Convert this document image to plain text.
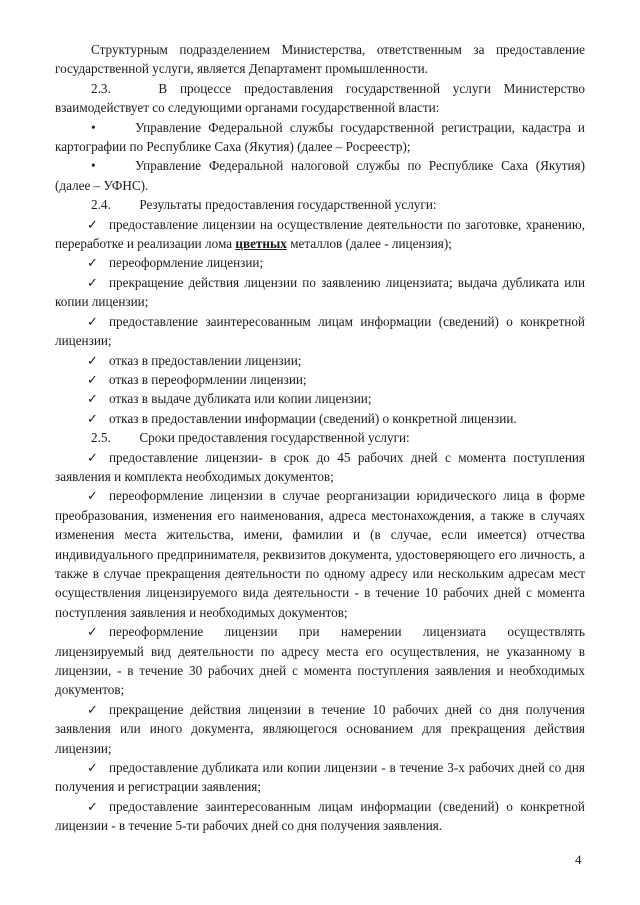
Структурным подразделением Министерства, ответственным за предоставление государственной услуги, является Департамент промышленности.

2.3.	В процессе предоставления государственной услуги Министерство взаимодействует со следующими органами государственной власти:

•	Управление Федеральной службы государственной регистрации, кадастра и картографии по Республике Саха (Якутия) (далее – Росреестр);

•	Управление Федеральной налоговой службы по Республике Саха (Якутия) (далее – УФНС).

2.4. Результаты предоставления государственной услуги:

✓ предоставление лицензии на осуществление деятельности по заготовке, хранению, переработке и реализации лома цветных металлов (далее - лицензия);

✓ переоформление лицензии;

✓ прекращение действия лицензии по заявлению лицензиата; выдача дубликата или копии лицензии;

✓ предоставление заинтересованным лицам информации (сведений) о конкретной лицензии;

✓ отказ в предоставлении лицензии;

✓ отказ в переоформлении лицензии;

✓ отказ в выдаче дубликата или копии лицензии;

✓ отказ в предоставлении информации (сведений) о конкретной лицензии.

2.5. Сроки предоставления государственной услуги:

✓ предоставление лицензии- в срок до 45 рабочих дней с момента поступления заявления и комплекта необходимых документов;

✓ переоформление лицензии в случае реорганизации юридического лица в форме преобразования, изменения его наименования, адреса местонахождения, а также в случаях изменения места жительства, имени, фамилии и (в случае, если имеется) отчества индивидуального предпринимателя, реквизитов документа, удостоверяющего его личность, а также в случае прекращения деятельности по одному адресу или нескольким адресам мест осуществления лицензируемого вида деятельности - в течение 10 рабочих дней с момента поступления заявления и необходимых документов;

✓ переоформление лицензии при намерении лицензиата осуществлять лицензируемый вид деятельности по адресу места его осуществления, не указанному в лицензии, - в течение 30 рабочих дней с момента поступления заявления и необходимых документов;

✓ прекращение действия лицензии в течение 10 рабочих дней со дня получения заявления или иного документа, являющегося основанием для прекращения действия лицензии;

✓ предоставление дубликата или копии лицензии - в течение 3-х рабочих дней со дня получения и регистрации заявления;

✓ предоставление заинтересованным лицам информации (сведений) о конкретной лицензии - в течение 5-ти рабочих дней со дня получения заявления.

4
